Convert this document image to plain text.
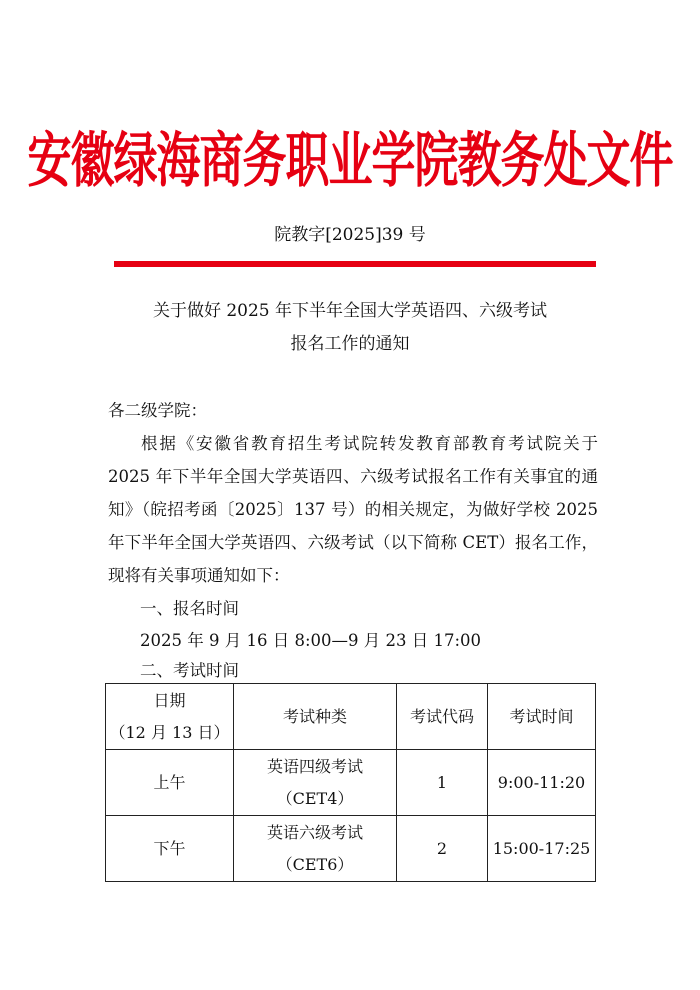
安徽绿海商务职业学院教务处文件
院教字[2025]39 号
关于做好 2025 年下半年全国大学英语四、六级考试
报名工作的通知
各二级学院：
根据《安徽省教育招生考试院转发教育部教育考试院关于 2025 年下半年全国大学英语四、六级考试报名工作有关事宜的通知》（皖招考函〔2025〕137 号）的相关规定，为做好学校 2025 年下半年全国大学英语四、六级考试（以下简称 CET）报名工作，现将有关事项通知如下：
一、报名时间
2025 年 9 月 16 日 8:00—9 月 23 日 17:00
二、考试时间
日期
（12 月 13 日）	考试种类	考试代码	考试时间
上午	英语四级考试
（CET4）	1	9:00-11:20
下午	英语六级考试
（CET6）	2	15:00-17:25
